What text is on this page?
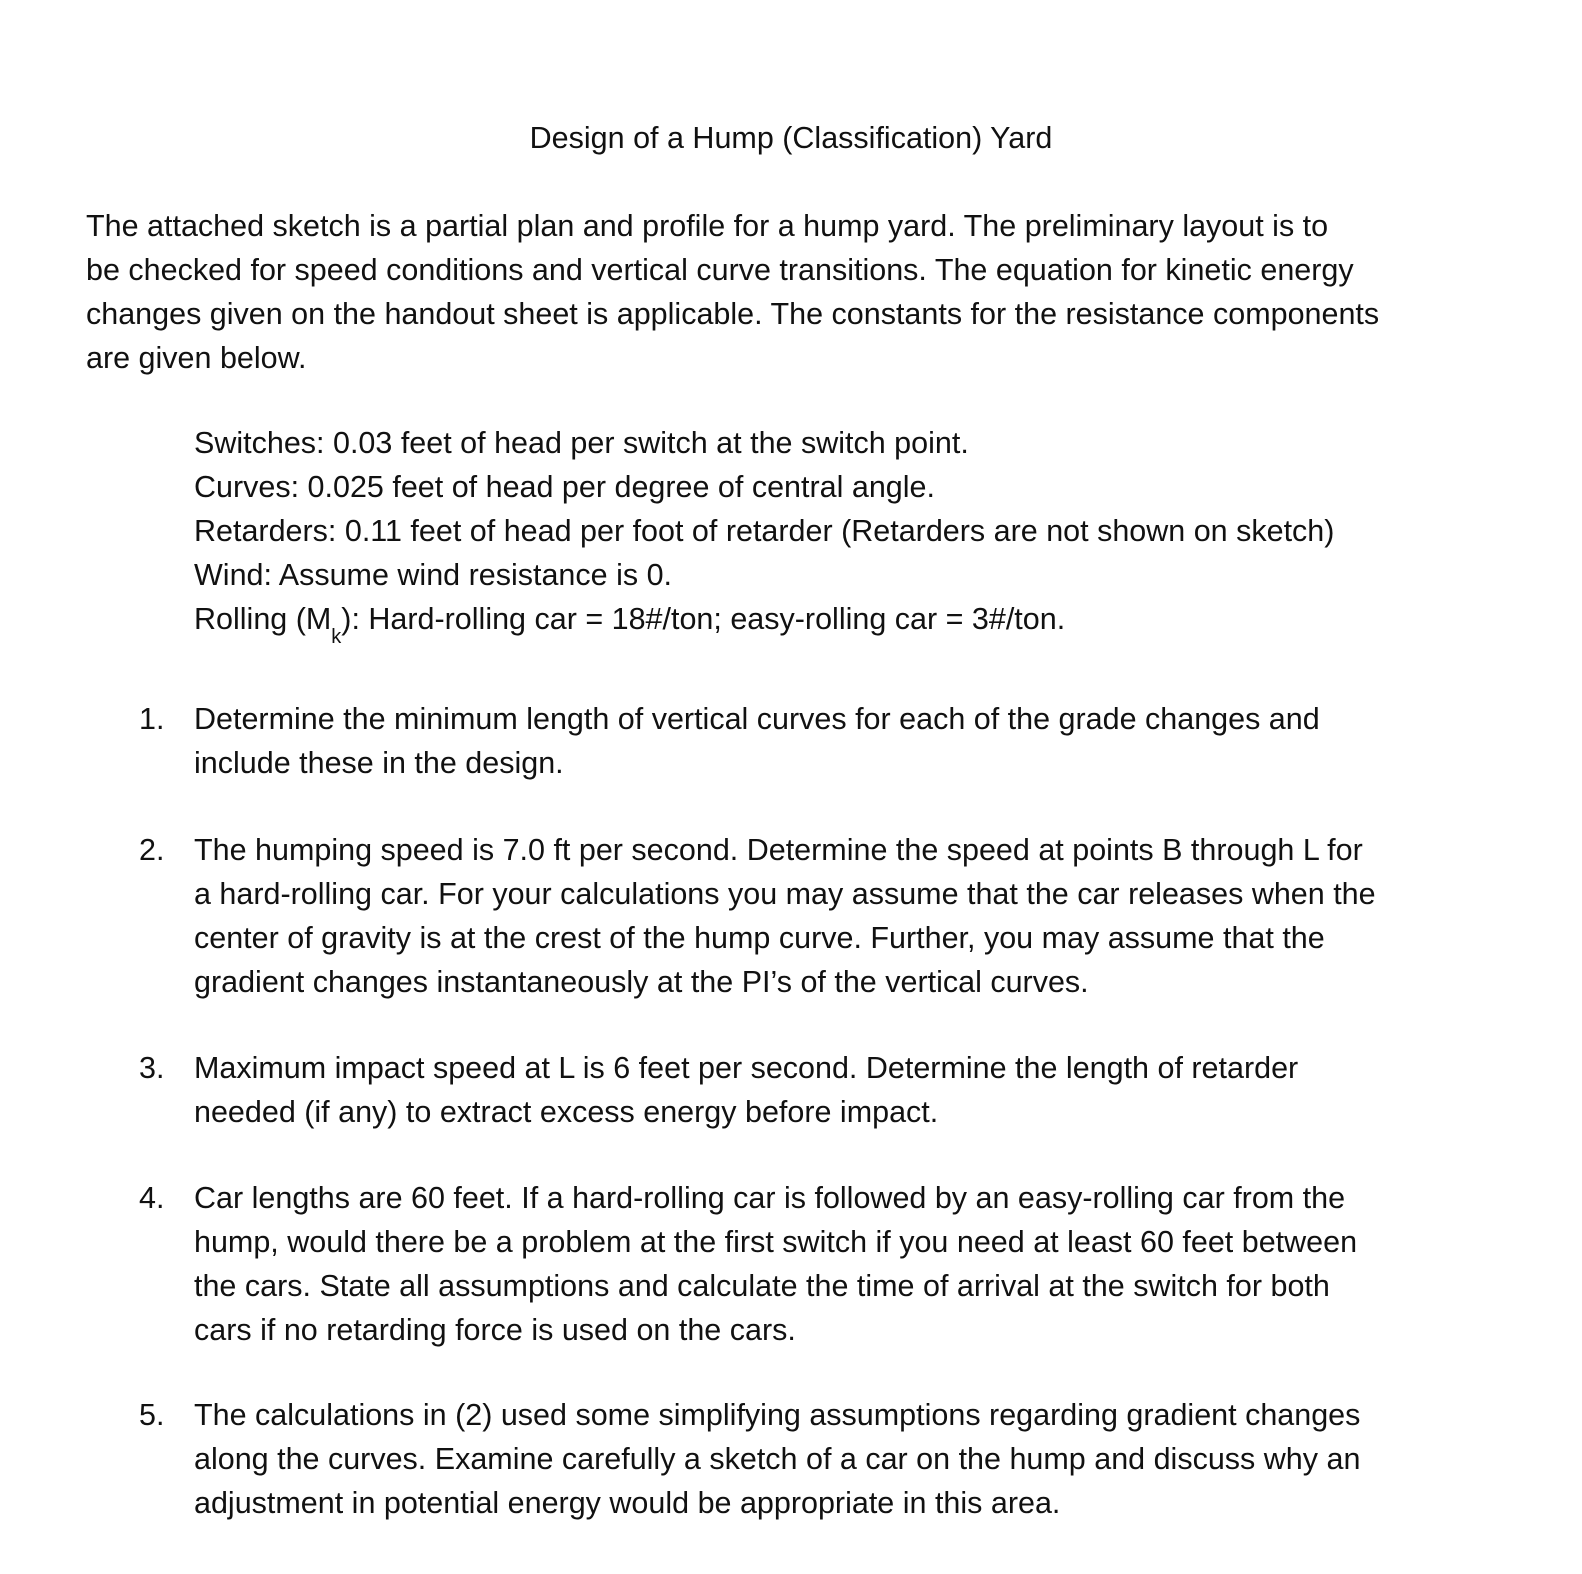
Design of a Hump (Classification) Yard
The attached sketch is a partial plan and profile for a hump yard. The preliminary layout is to
be checked for speed conditions and vertical curve transitions. The equation for kinetic energy
changes given on the handout sheet is applicable. The constants for the resistance components
are given below.
Switches: 0.03 feet of head per switch at the switch point.
Curves: 0.025 feet of head per degree of central angle.
Retarders: 0.11 feet of head per foot of retarder (Retarders are not shown on sketch)
Wind: Assume wind resistance is 0.
Rolling $(M_k)$: Hard-rolling car = 18#/ton; easy-rolling car = 3#/ton.
1. Determine the minimum length of vertical curves for each of the grade changes and
include these in the design.
2. The humping speed is 7.0 ft per second. Determine the speed at points B through L for
a hard-rolling car. For your calculations you may assume that the car releases when the
center of gravity is at the crest of the hump curve. Further, you may assume that the
gradient changes instantaneously at the PI’s of the vertical curves.
3. Maximum impact speed at L is 6 feet per second. Determine the length of retarder
needed (if any) to extract excess energy before impact.
4. Car lengths are 60 feet. If a hard-rolling car is followed by an easy-rolling car from the
hump, would there be a problem at the first switch if you need at least 60 feet between
the cars. State all assumptions and calculate the time of arrival at the switch for both
cars if no retarding force is used on the cars.
5. The calculations in (2) used some simplifying assumptions regarding gradient changes
along the curves. Examine carefully a sketch of a car on the hump and discuss why an
adjustment in potential energy would be appropriate in this area.
